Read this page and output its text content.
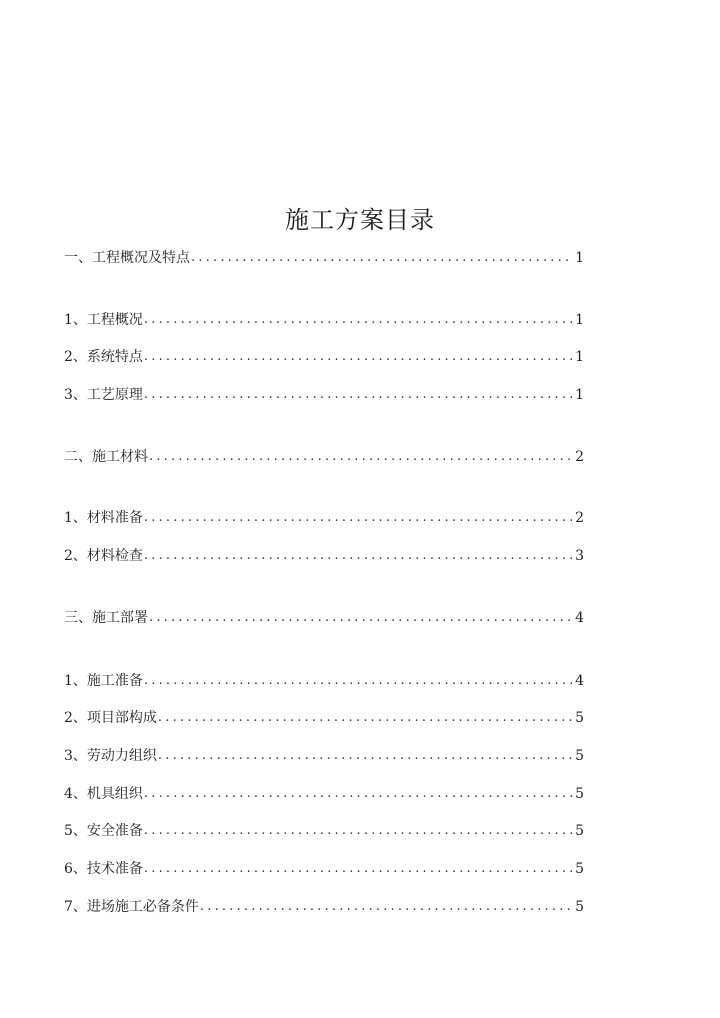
施工方案目录
一、工程概况及特点 .....	1
1、工程概况 .....	1
2、系统特点 .....	1
3、工艺原理 .....	1
二、施工材料 .....	2
1、材料准备 .....	2
2、材料检查 .....	3
三、施工部署 .....	4
1、施工准备 .....	4
2、项目部构成 .....	5
3、劳动力组织 .....	5
4、机具组织 .....	5
5、安全准备 .....	5
6、技术准备 .....	5
7、进场施工必备条件 .....	5
